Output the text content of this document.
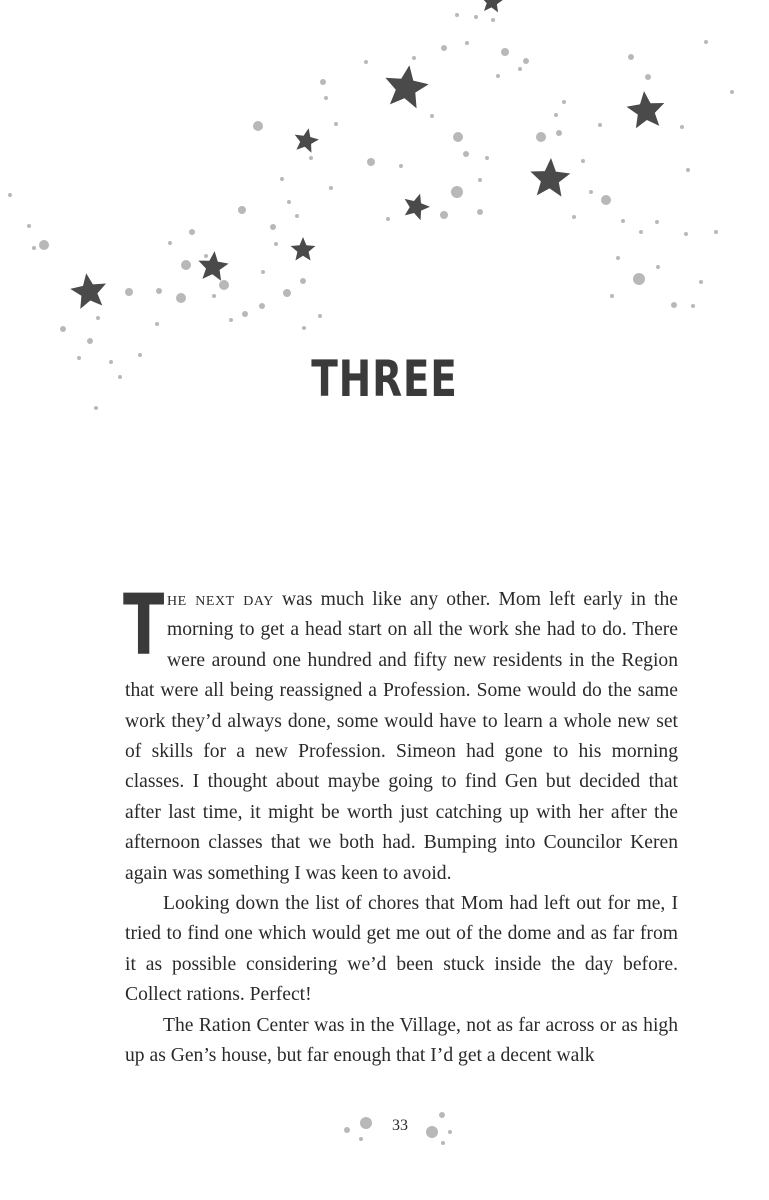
THREE

The next day was much like any other. Mom left early in the morning to get a head start on all the work she had to do. There were around one hundred and fifty new residents in the Region that were all being reassigned a Profession. Some would do the same work they’d always done, some would have to learn a whole new set of skills for a new Profession. Simeon had gone to his morning classes. I thought about maybe going to find Gen but decided that after last time, it might be worth just catching up with her after the afternoon classes that we both had. Bumping into Councilor Keren again was something I was keen to avoid.

Looking down the list of chores that Mom had left out for me, I tried to find one which would get me out of the dome and as far from it as possible considering we’d been stuck inside the day before. Collect rations. Perfect!

The Ration Center was in the Village, not as far across or as high up as Gen’s house, but far enough that I’d get a decent walk

33
